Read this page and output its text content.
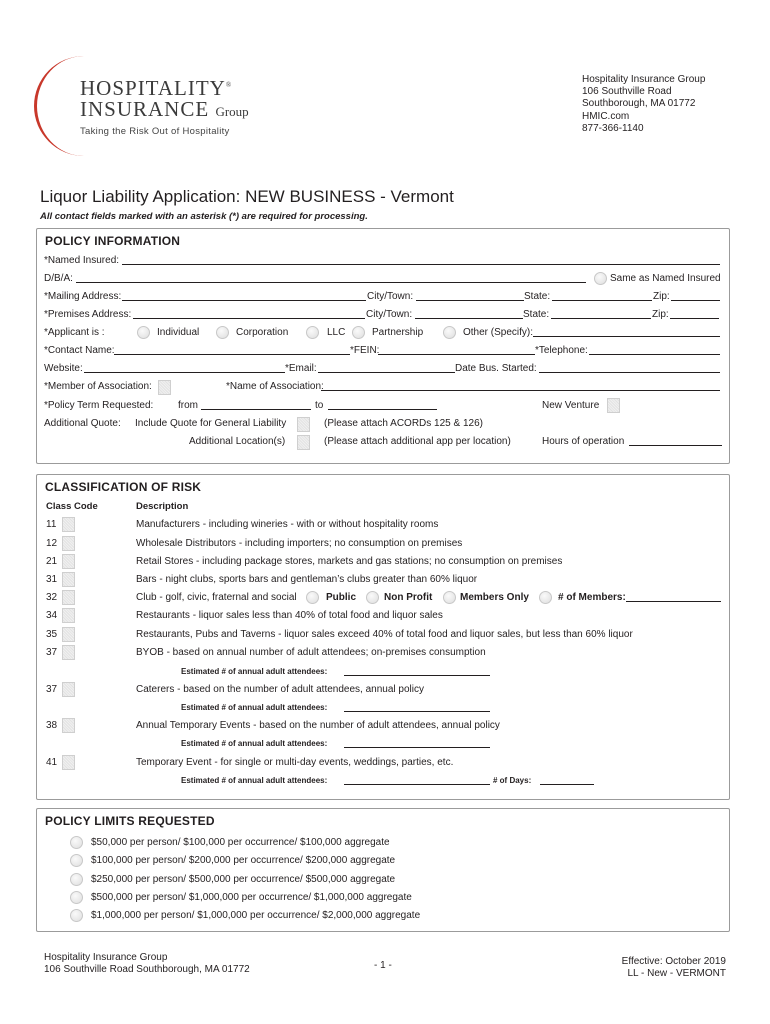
HOSPITALITY®
INSURANCE Group
Taking the Risk Out of Hospitality
Hospitality Insurance Group
106 Southville Road
Southborough, MA 01772
HMIC.com
877-366-1140
Liquor Liability Application: NEW BUSINESS - Vermont
All contact fields marked with an asterisk (*) are required for processing.
POLICY INFORMATION
*Named Insured:
D/B/A:	Same as Named Insured
*Mailing Address:	City/Town:	State:	Zip:
*Premises Address:	City/Town:	State:	Zip:
*Applicant is :	Individual	Corporation	LLC	Partnership	Other (Specify):
*Contact Name:	*FEIN:	*Telephone:
Website:	*Email:	Date Bus. Started:
*Member of Association:	*Name of Association:
*Policy Term Requested: from	to	New Venture
Additional Quote: Include Quote for General Liability	(Please attach ACORDs 125 & 126)
Additional Location(s)	(Please attach additional app per location)	Hours of operation
CLASSIFICATION OF RISK
Class Code	Description
11	Manufacturers - including wineries - with or without hospitality rooms
12	Wholesale Distributors - including importers; no consumption on premises
21	Retail Stores - including package stores, markets and gas stations; no consumption on premises
31	Bars - night clubs, sports bars and gentleman’s clubs greater than 60% liquor
32	Club - golf, civic, fraternal and social	Public	Non Profit	Members Only	# of Members:
34	Restaurants - liquor sales less than 40% of total food and liquor sales
35	Restaurants, Pubs and Taverns - liquor sales exceed 40% of total food and liquor sales, but less than 60% liquor
37	BYOB - based on annual number of adult attendees; on-premises consumption
Estimated # of annual adult attendees:
37	Caterers - based on the number of adult attendees, annual policy
Estimated # of annual adult attendees:
38	Annual Temporary Events - based on the number of adult attendees, annual policy
Estimated # of annual adult attendees:
41	Temporary Event - for single or multi-day events, weddings, parties, etc.
Estimated # of annual adult attendees:	# of Days:
POLICY LIMITS REQUESTED
$50,000 per person/ $100,000 per occurrence/ $100,000 aggregate
$100,000 per person/ $200,000 per occurrence/ $200,000 aggregate
$250,000 per person/ $500,000 per occurrence/ $500,000 aggregate
$500,000 per person/ $1,000,000 per occurrence/ $1,000,000 aggregate
$1,000,000 per person/ $1,000,000 per occurrence/ $2,000,000 aggregate
Hospitality Insurance Group
106 Southville Road Southborough, MA 01772	- 1 -	Effective: October 2019
LL - New - VERMONT
